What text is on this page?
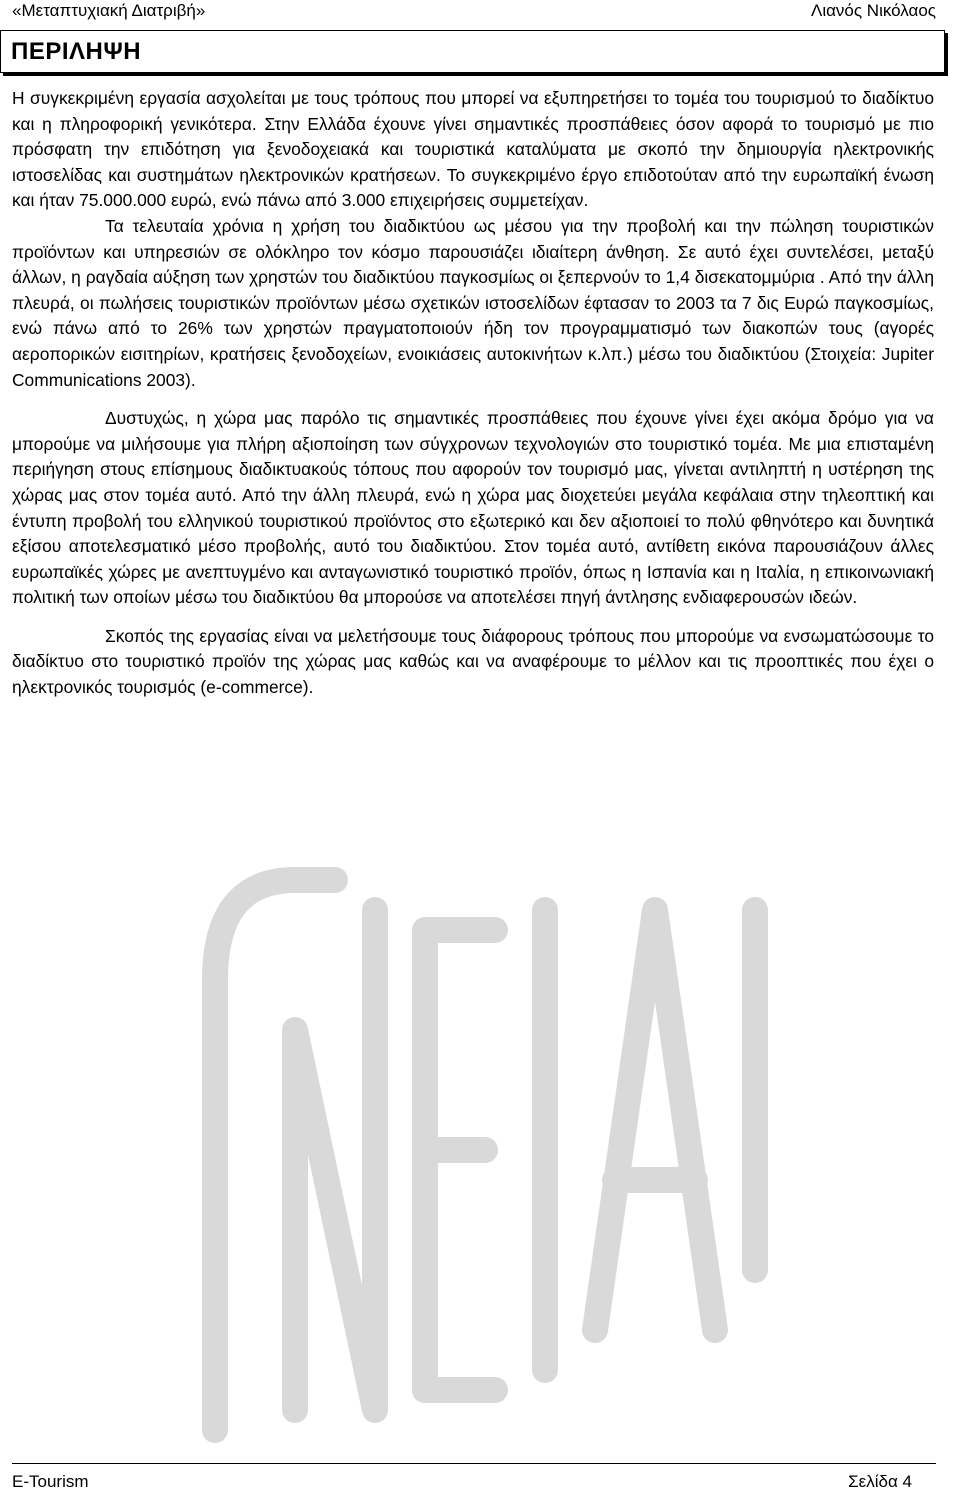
«Μεταπτυχιακή Διατριβή»	Λιανός Νικόλαος
ΠΕΡΙΛΗΨΗ

Η συγκεκριμένη εργασία ασχολείται με τους τρόπους που μπορεί να εξυπηρετήσει το τομέα του τουρισμού το διαδίκτυο και η πληροφορική γενικότερα. Στην Ελλάδα έχουνε γίνει σημαντικές προσπάθειες όσον αφορά το τουρισμό με πιο πρόσφατη την επιδότηση για ξενοδοχειακά και τουριστικά καταλύματα με σκοπό την δημιουργία ηλεκτρονικής ιστοσελίδας και συστημάτων ηλεκτρονικών κρατήσεων. Το συγκεκριμένο έργο επιδοτούταν από την ευρωπαϊκή ένωση και ήταν 75.000.000 ευρώ, ενώ πάνω από 3.000 επιχειρήσεις συμμετείχαν.

Τα τελευταία χρόνια η χρήση του διαδικτύου ως μέσου για την προβολή και την πώληση τουριστικών προϊόντων και υπηρεσιών σε ολόκληρο τον κόσμο παρουσιάζει ιδιαίτερη άνθηση. Σε αυτό έχει συντελέσει, μεταξύ άλλων, η ραγδαία αύξηση των χρηστών του διαδικτύου παγκοσμίως οι ξεπερνούν το 1,4 δισεκατομμύρια . Από την άλλη πλευρά, οι πωλήσεις τουριστικών προϊόντων μέσω σχετικών ιστοσελίδων έφτασαν το 2003 τα 7 δις Ευρώ παγκοσμίως, ενώ πάνω από το 26% των χρηστών πραγματοποιούν ήδη τον προγραμματισμό των διακοπών τους (αγορές αεροπορικών εισιτηρίων, κρατήσεις ξενοδοχείων, ενοικιάσεις αυτοκινήτων κ.λπ.) μέσω του διαδικτύου (Στοιχεία: Jupiter Communications 2003).

Δυστυχώς, η χώρα μας παρόλο τις σημαντικές προσπάθειες που έχουνε γίνει έχει ακόμα δρόμο για να μπορούμε να μιλήσουμε για πλήρη αξιοποίηση των σύγχρονων τεχνολογιών στο τουριστικό τομέα. Με μια επισταμένη περιήγηση στους επίσημους διαδικτυακούς τόπους που αφορούν τον τουρισμό μας, γίνεται αντιληπτή η υστέρηση της χώρας μας στον τομέα αυτό. Από την άλλη πλευρά, ενώ η χώρα μας διοχετεύει μεγάλα κεφάλαια στην τηλεοπτική και έντυπη προβολή του ελληνικού τουριστικού προϊόντος στο εξωτερικό και δεν αξιοποιεί το πολύ φθηνότερο και δυνητικά εξίσου αποτελεσματικό μέσο προβολής, αυτό του διαδικτύου. Στον τομέα αυτό, αντίθετη εικόνα παρουσιάζουν άλλες ευρωπαϊκές χώρες με ανεπτυγμένο και ανταγωνιστικό τουριστικό προϊόν, όπως η Ισπανία και η Ιταλία, η επικοινωνιακή πολιτική των οποίων μέσω του διαδικτύου θα μπορούσε να αποτελέσει πηγή άντλησης ενδιαφερουσών ιδεών.

Σκοπός της εργασίας είναι να μελετήσουμε τους διάφορους τρόπους που μπορούμε να ενσωματώσουμε το διαδίκτυο στο τουριστικό προϊόν της χώρας μας καθώς και να αναφέρουμε το μέλλον και τις προοπτικές που έχει ο ηλεκτρονικός τουρισμός (e-commerce).

E-Tourism	Σελίδα 4
